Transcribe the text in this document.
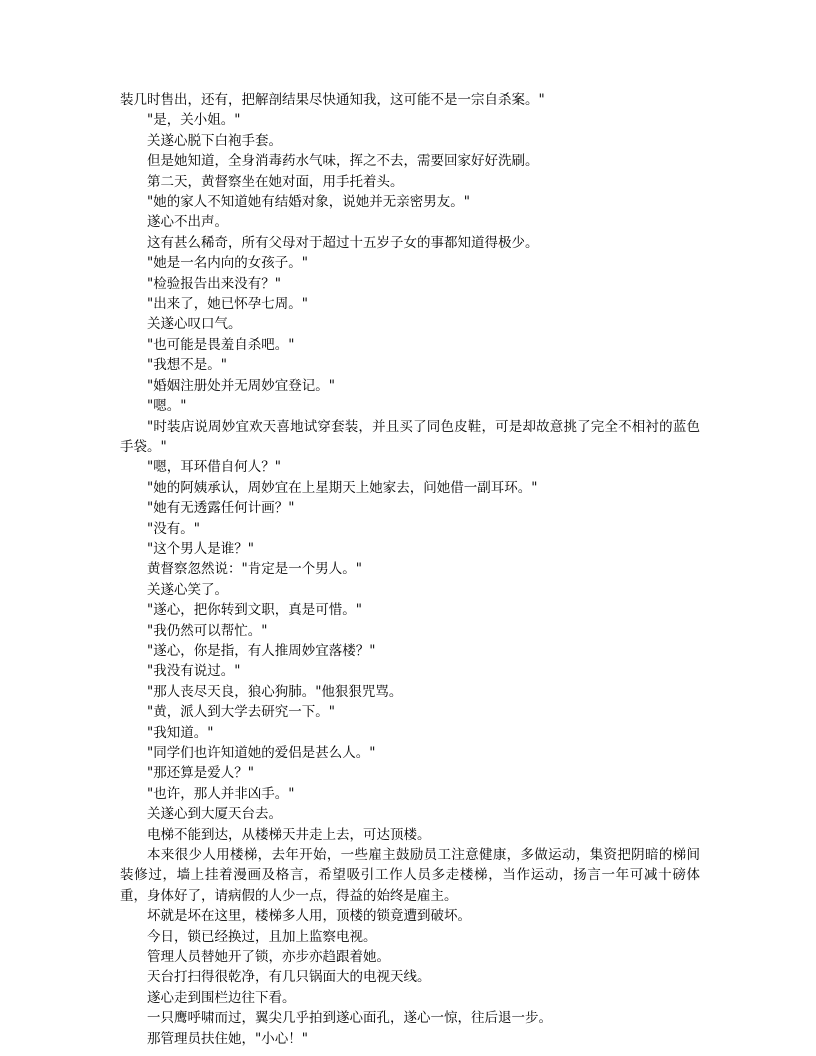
装几时售出，还有，把解剖结果尽快通知我，这可能不是一宗自杀案。"

"是，关小姐。"

关遂心脱下白袍手套。

但是她知道，全身消毒药水气味，挥之不去，需要回家好好洗刷。

第二天，黄督察坐在她对面，用手托着头。

"她的家人不知道她有结婚对象，说她并无亲密男友。"

遂心不出声。

这有甚么稀奇，所有父母对于超过十五岁子女的事都知道得极少。

"她是一名内向的女孩子。"

"检验报告出来没有？"

"出来了，她已怀孕七周。"

关遂心叹口气。

"也可能是畏羞自杀吧。"

"我想不是。"

"婚姻注册处并无周妙宜登记。"

"嗯。"

"时装店说周妙宜欢天喜地试穿套装，并且买了同色皮鞋，可是却故意挑了完全不相衬的蓝色手袋。"

"嗯，耳环借自何人？"

"她的阿姨承认，周妙宜在上星期天上她家去，问她借一副耳环。"

"她有无透露任何计画？"

"没有。"

"这个男人是谁？"

黄督察忽然说："肯定是一个男人。"

关遂心笑了。

"遂心，把你转到文职，真是可惜。"

"我仍然可以帮忙。"

"遂心，你是指，有人推周妙宜落楼？"

"我没有说过。"

"那人丧尽天良，狼心狗肺。"他狠狠咒骂。

"黄，派人到大学去研究一下。"

"我知道。"

"同学们也许知道她的爱侣是甚么人。"

"那还算是爱人？"

"也许，那人并非凶手。"

关遂心到大厦天台去。

电梯不能到达，从楼梯天井走上去，可达顶楼。

本来很少人用楼梯，去年开始，一些雇主鼓励员工注意健康，多做运动，集资把阴暗的梯间装修过，墙上挂着漫画及格言，希望吸引工作人员多走楼梯，当作运动，扬言一年可减十磅体重，身体好了，请病假的人少一点，得益的始终是雇主。

坏就是坏在这里，楼梯多人用，顶楼的锁竟遭到破坏。

今日，锁已经换过，且加上监察电视。

管理人员替她开了锁，亦步亦趋跟着她。

天台打扫得很乾净，有几只锅面大的电视天线。

遂心走到围栏边往下看。

一只鹰呼啸而过，翼尖几乎拍到遂心面孔，遂心一惊，往后退一步。

那管理员扶住她，"小心！"
